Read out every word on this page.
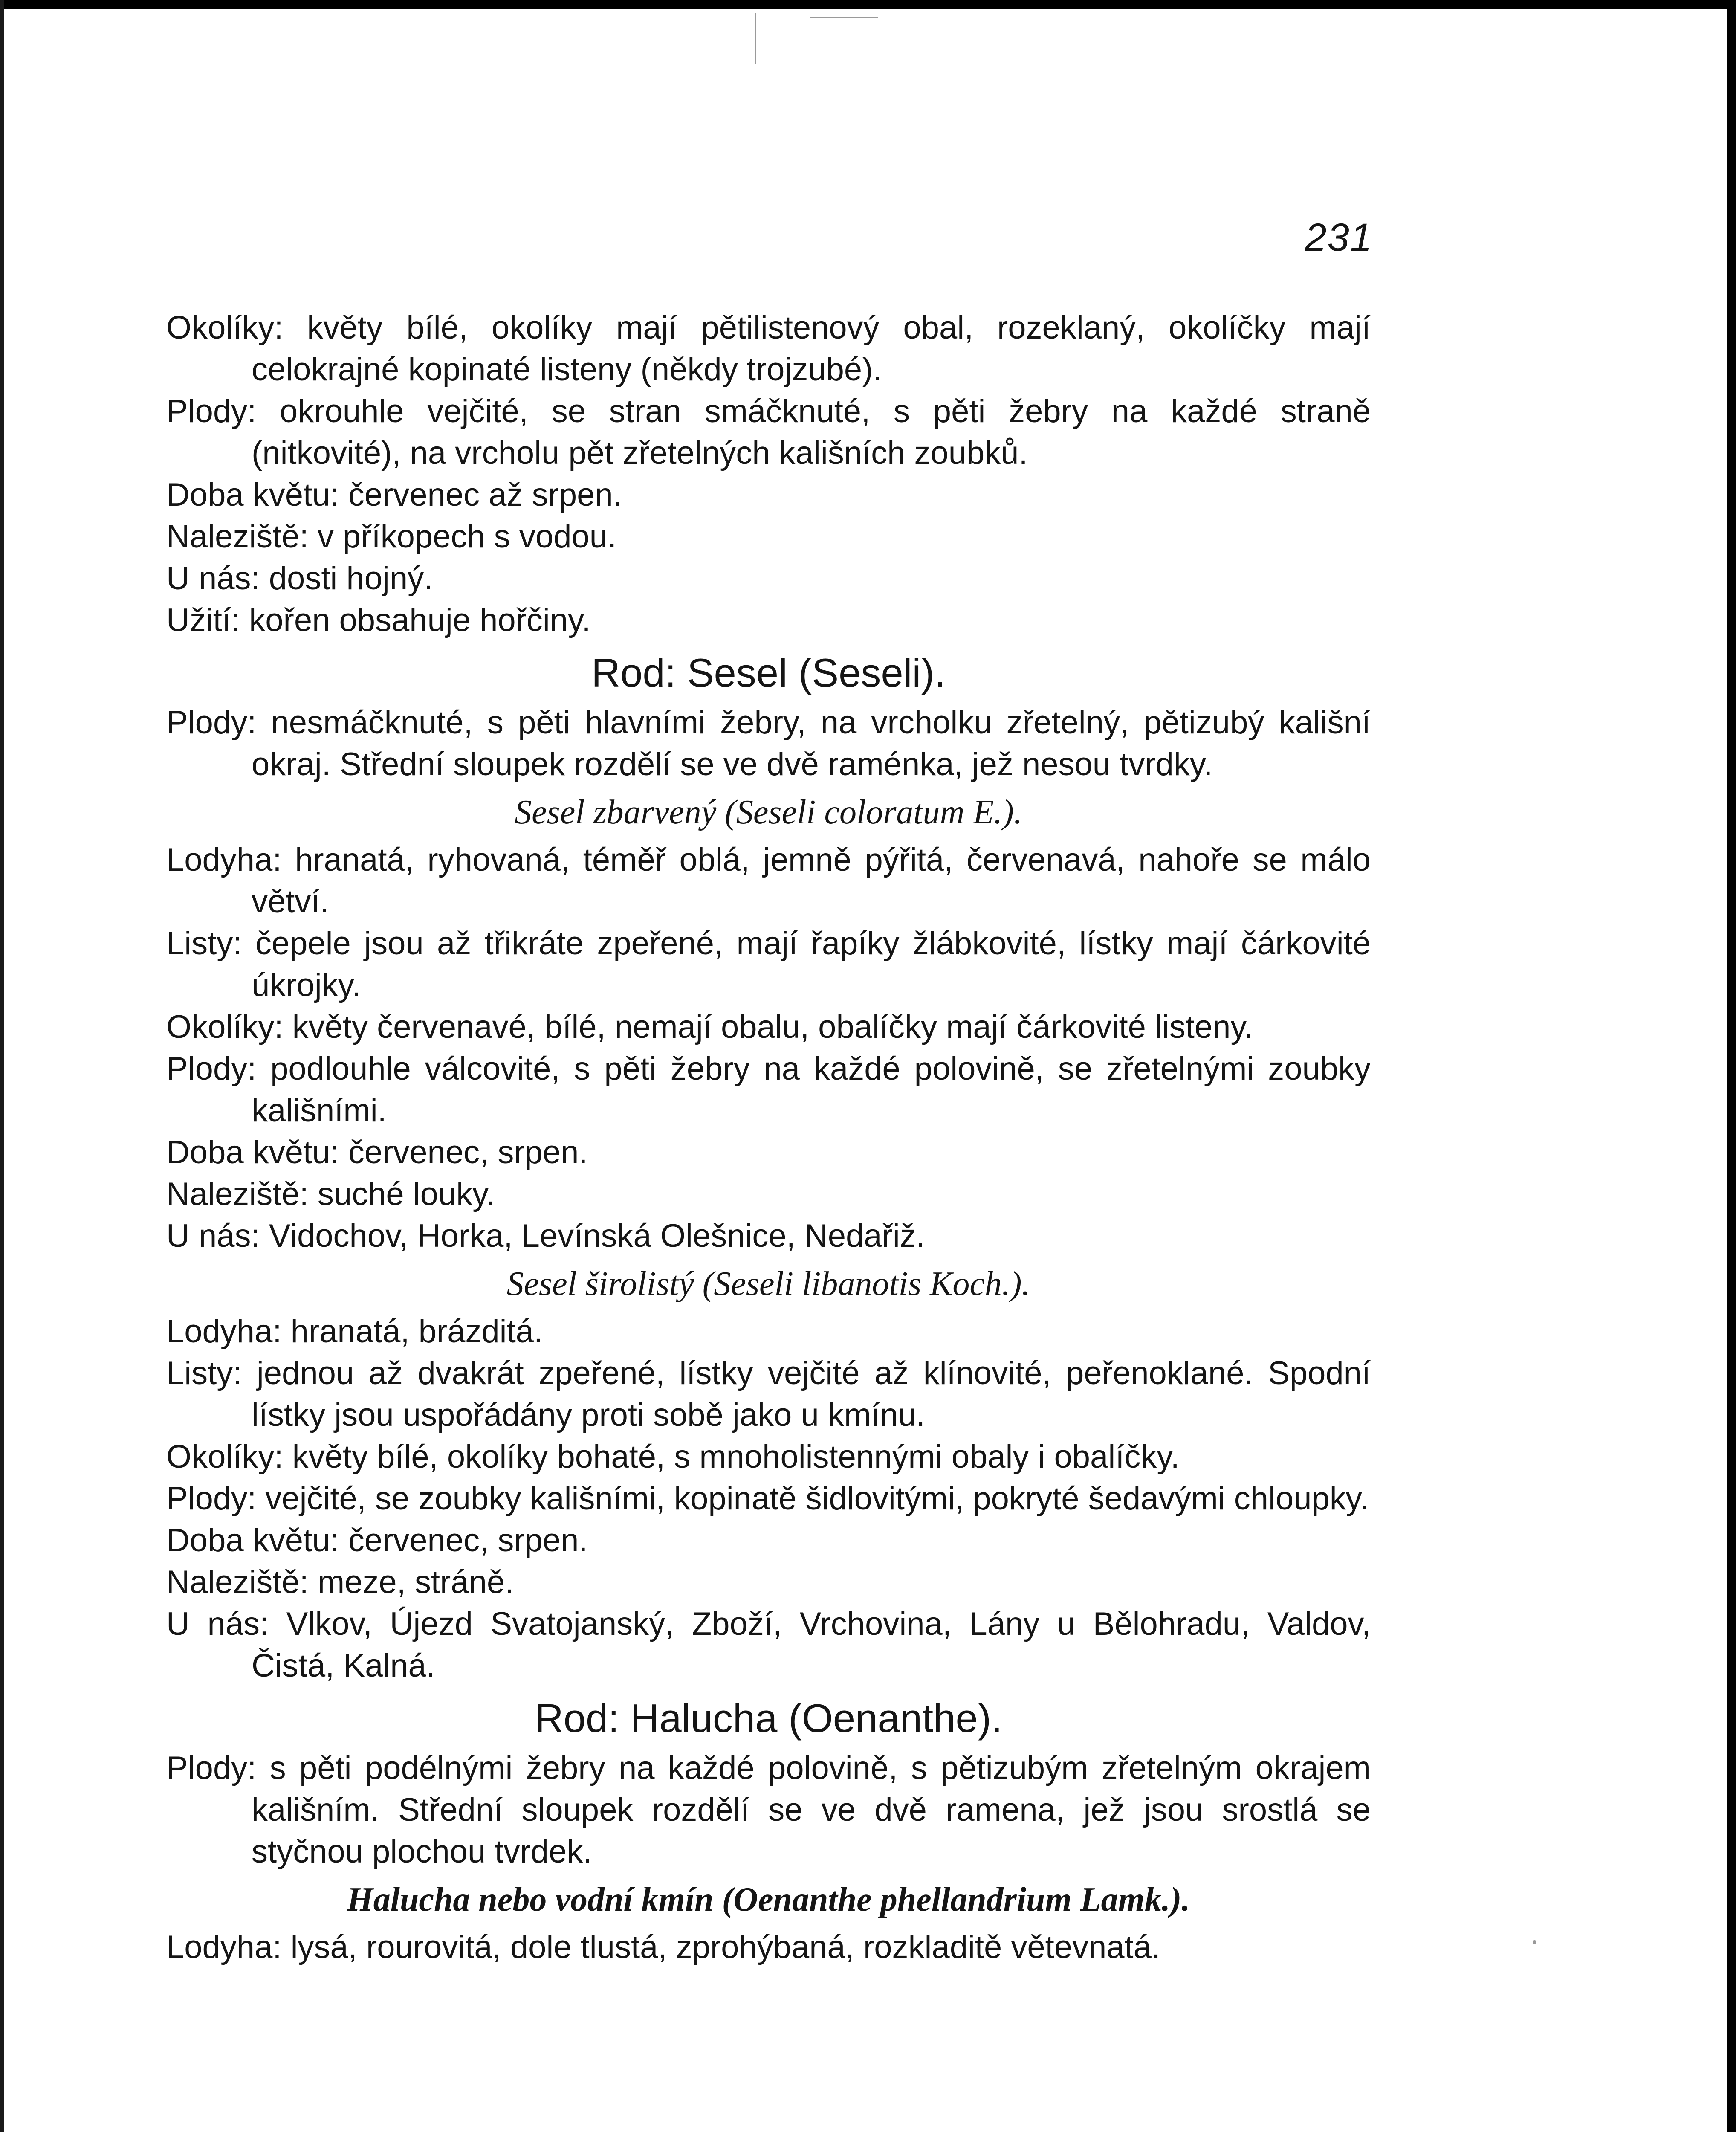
231

Okolíky: květy bílé, okolíky mají pětilistenový obal, rozeklaný, okolíčky mají celokrajné kopinaté listeny (někdy trojzubé).

Plody: okrouhle vejčité, se stran smáčknuté, s pěti žebry na každé straně (nitkovité), na vrcholu pět zřetelných kališních zoubků.

Doba květu: červenec až srpen.

Naleziště: v příkopech s vodou.

U nás: dosti hojný.

Užití: kořen obsahuje hořčiny.

Rod: Sesel (Seseli).

Plody: nesmáčknuté, s pěti hlavními žebry, na vrcholku zřetelný, pětizubý kališní okraj. Střední sloupek rozdělí se ve dvě raménka, jež nesou tvrdky.

Sesel zbarvený (Seseli coloratum E.).

Lodyha: hranatá, ryhovaná, téměř oblá, jemně pýřitá, červenavá, nahoře se málo větví.

Listy: čepele jsou až třikráte zpeřené, mají řapíky žlábkovité, lístky mají čárkovité úkrojky.

Okolíky: květy červenavé, bílé, nemají obalu, obalíčky mají čárkovité listeny.

Plody: podlouhle válcovité, s pěti žebry na každé polovině, se zřetelnými zoubky kališními.

Doba květu: červenec, srpen.

Naleziště: suché louky.

U nás: Vidochov, Horka, Levínská Olešnice, Nedařiž.

Sesel širolistý (Seseli libanotis Koch.).

Lodyha: hranatá, brázditá.

Listy: jednou až dvakrát zpeřené, lístky vejčité až klínovité, peřenoklané. Spodní lístky jsou uspořádány proti sobě jako u kmínu.

Okolíky: květy bílé, okolíky bohaté, s mnoholistennými obaly i obalíčky.

Plody: vejčité, se zoubky kališními, kopinatě šidlovitými, pokryté šedavými chloupky.

Doba květu: červenec, srpen.

Naleziště: meze, stráně.

U nás: Vlkov, Újezd Svatojanský, Zboží, Vrchovina, Lány u Bělohradu, Valdov, Čistá, Kalná.

Rod: Halucha (Oenanthe).

Plody: s pěti podélnými žebry na každé polovině, s pětizubým zřetelným okrajem kališním. Střední sloupek rozdělí se ve dvě ramena, jež jsou srostlá se styčnou plochou tvrdek.

Halucha nebo vodní kmín (Oenanthe phellandrium Lamk.).

Lodyha: lysá, rourovitá, dole tlustá, zprohýbaná, rozkladitě větevnatá.
